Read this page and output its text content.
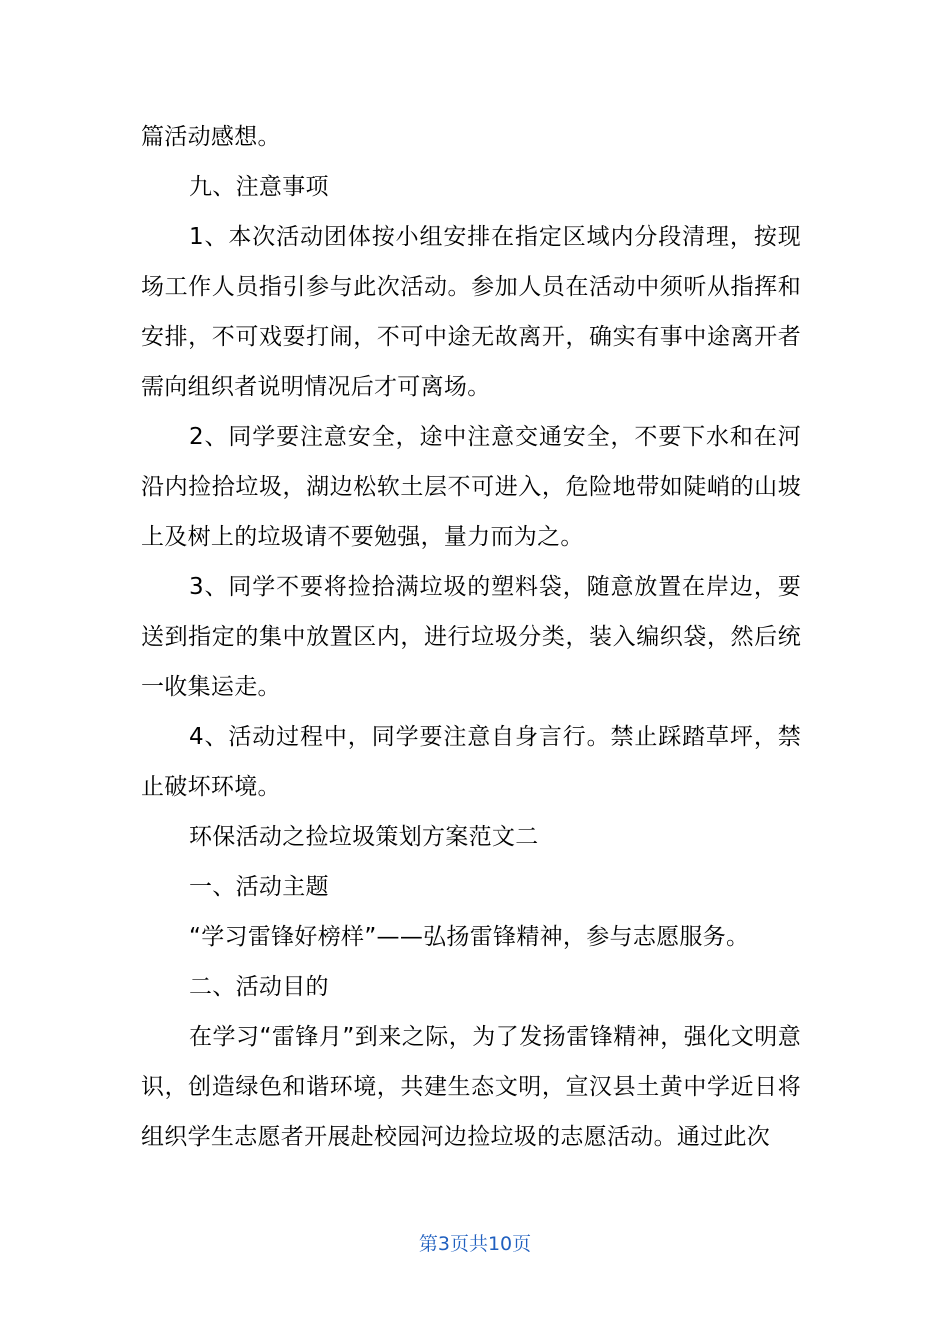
篇活动感想。

九、注意事项

1、本次活动团体按小组安排在指定区域内分段清理，按现场工作人员指引参与此次活动。参加人员在活动中须听从指挥和安排，不可戏耍打闹，不可中途无故离开，确实有事中途离开者需向组织者说明情况后才可离场。

2、同学要注意安全，途中注意交通安全，不要下水和在河沿内捡拾垃圾，湖边松软土层不可进入，危险地带如陡峭的山坡上及树上的垃圾请不要勉强，量力而为之。

3、同学不要将捡拾满垃圾的塑料袋，随意放置在岸边，要送到指定的集中放置区内，进行垃圾分类，装入编织袋，然后统一收集运走。

4、活动过程中，同学要注意自身言行。禁止踩踏草坪，禁止破坏环境。

环保活动之捡垃圾策划方案范文二

一、活动主题

“学习雷锋好榜样”——弘扬雷锋精神，参与志愿服务。

二、活动目的

在学习“雷锋月”到来之际，为了发扬雷锋精神，强化文明意识，创造绿色和谐环境，共建生态文明，宣汉县土黄中学近日将组织学生志愿者开展赴校园河边捡垃圾的志愿活动。通过此次

第3页共10页
